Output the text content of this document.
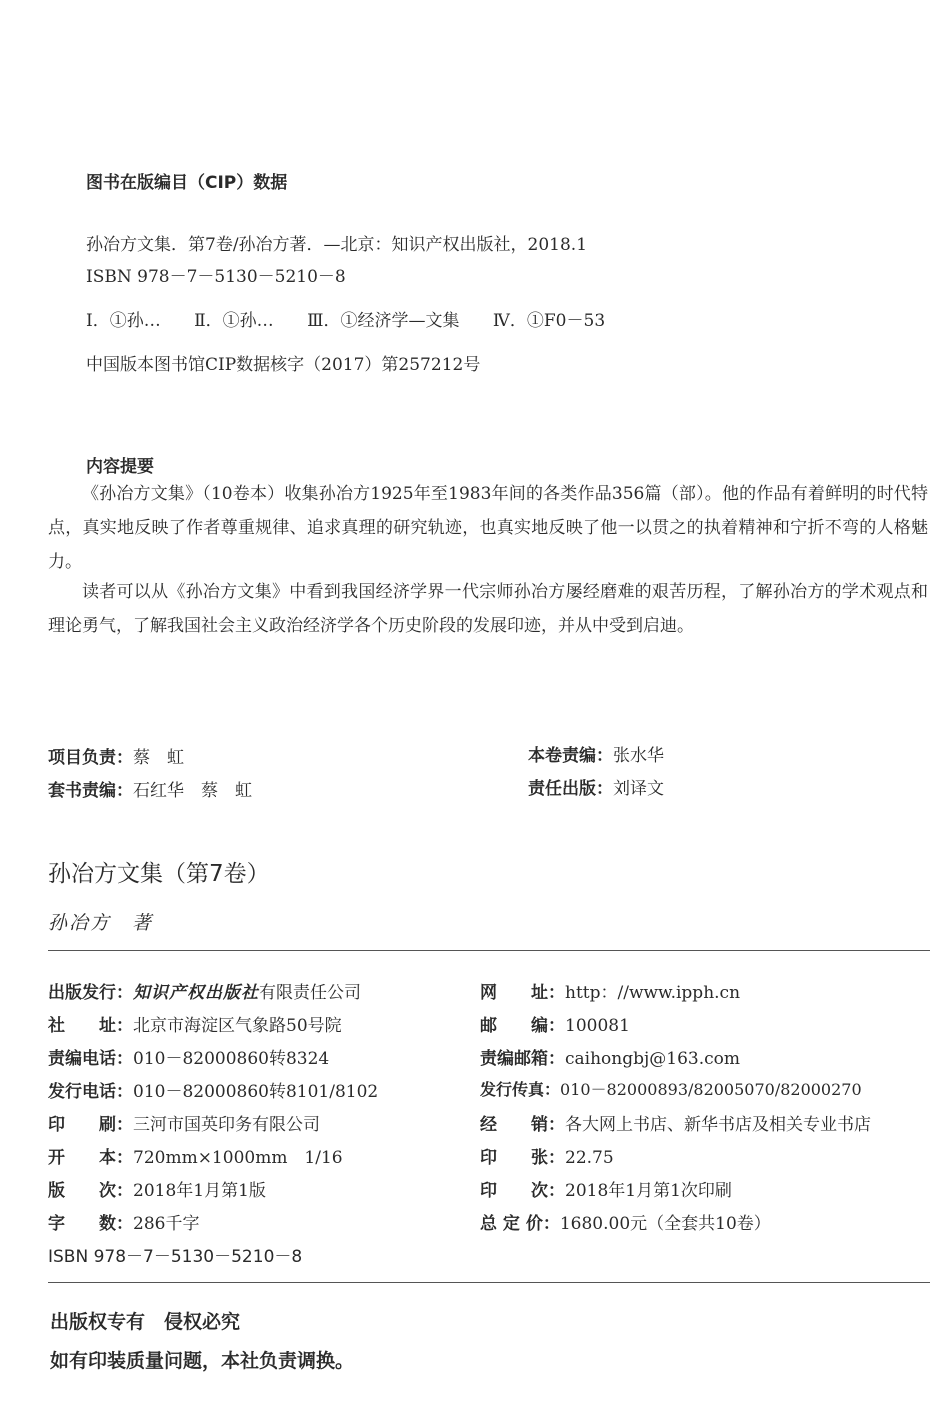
图书在版编目（CIP）数据
孙冶方文集．第7卷/孙冶方著．—北京：知识产权出版社，2018.1
ISBN 978－7－5130－5210－8
Ⅰ．①孙… Ⅱ．①孙… Ⅲ．①经济学—文集 Ⅳ．①F0－53
中国版本图书馆CIP数据核字（2017）第257212号
内容提要
《孙冶方文集》（10卷本）收集孙冶方1925年至1983年间的各类作品356篇（部）。他的作品有着鲜明的时代特点，真实地反映了作者尊重规律、追求真理的研究轨迹，也真实地反映了他一以贯之的执着精神和宁折不弯的人格魅力。
读者可以从《孙冶方文集》中看到我国经济学界一代宗师孙冶方屡经磨难的艰苦历程，了解孙冶方的学术观点和理论勇气，了解我国社会主义政治经济学各个历史阶段的发展印迹，并从中受到启迪。
项目负责：蔡　虹
套书责编：石红华　蔡　虹
本卷责编：张水华
责任出版：刘译文
孙冶方文集（第7卷）
孙冶方　著
出版发行：知识产权出版社有限责任公司
社　　址：北京市海淀区气象路50号院
责编电话：010－82000860转8324
发行电话：010－82000860转8101/8102
印　　刷：三河市国英印务有限公司
开　　本：720mm×1000mm　1/16
版　　次：2018年1月第1版
字　　数：286千字
ISBN 978－7－5130－5210－8
网　　址：http：//www.ipph.cn
邮　　编：100081
责编邮箱：caihongbj@163.com
发行传真：010－82000893/82005070/82000270
经　　销：各大网上书店、新华书店及相关专业书店
印　　张：22.75
印　　次：2018年1月第1次印刷
总 定 价：1680.00元（全套共10卷）
出版权专有　侵权必究
如有印装质量问题，本社负责调换。
